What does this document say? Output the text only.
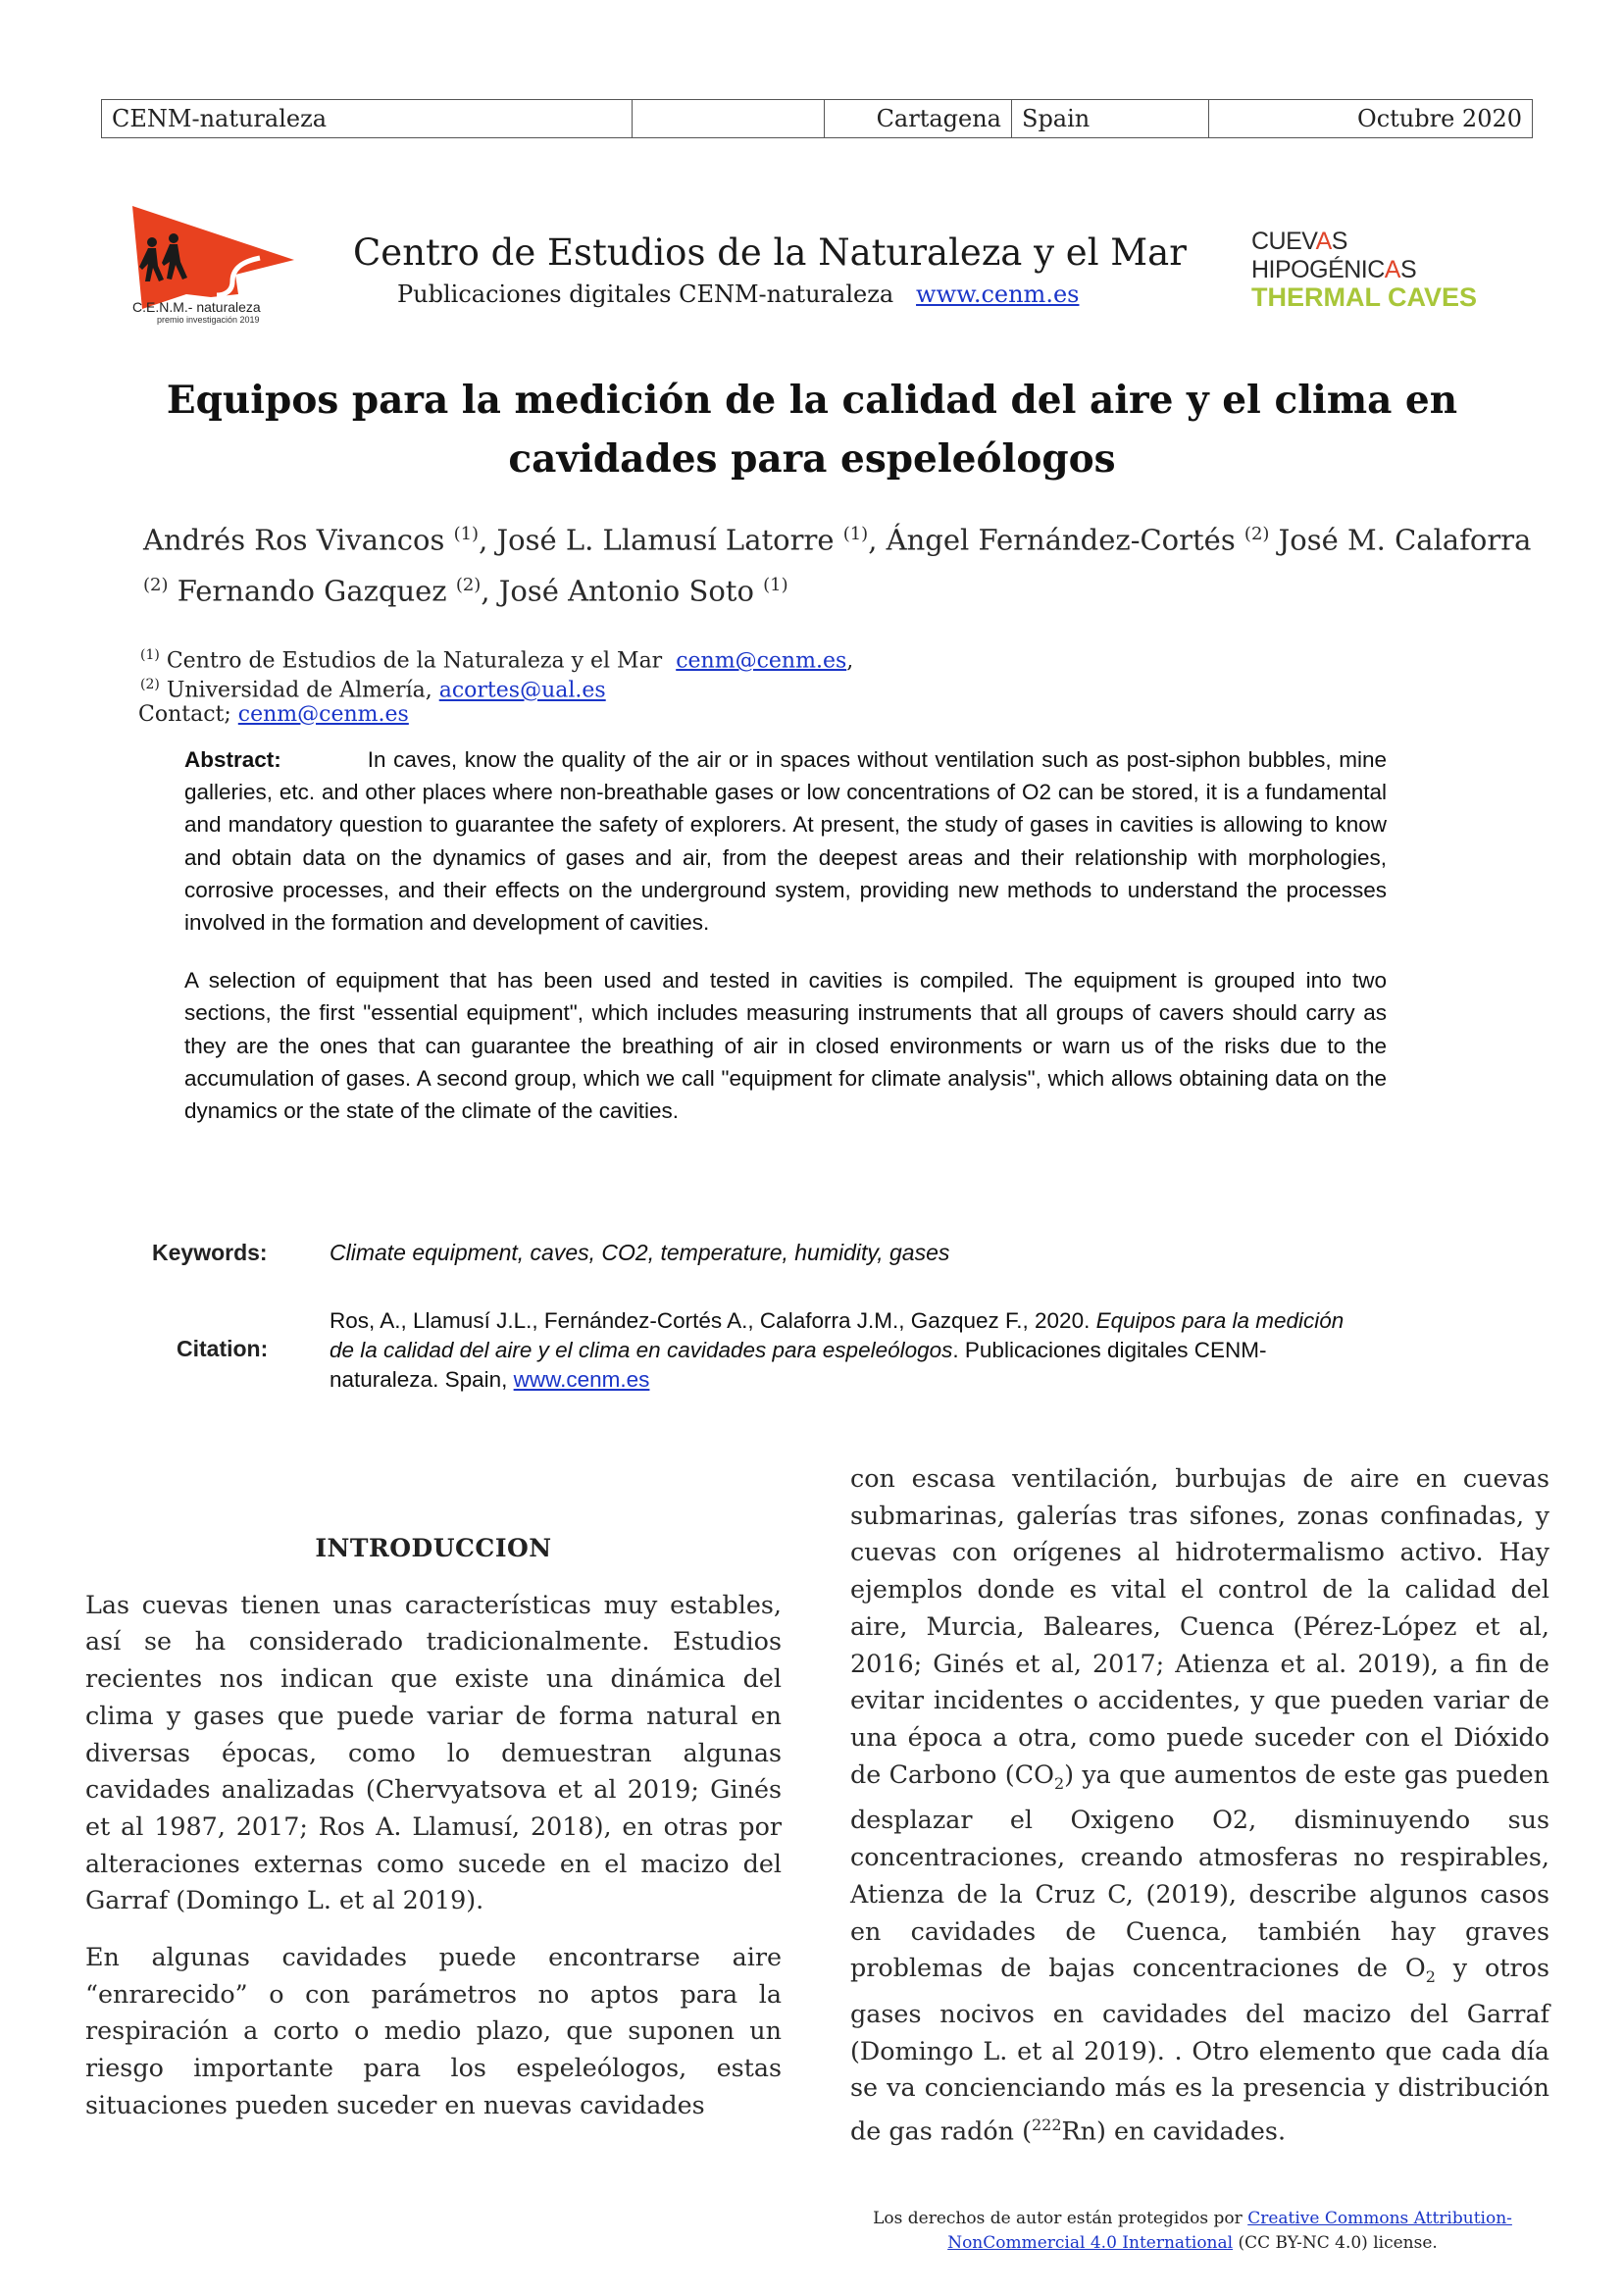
CENM-naturaleza		Cartagena	Spain	Octubre 2020
C.E.N.M.- naturaleza
premio investigación 2019
Centro de Estudios de la Naturaleza y el Mar
Publicaciones digitales CENM-naturaleza www.cenm.es
CUEVAS HIPOGÉNICAS
THERMAL CAVES
Equipos para la medición de la calidad del aire y el clima en cavidades para espeleólogos
Andrés Ros Vivancos $^{(1)}$, José L. Llamusí Latorre $^{(1)}$, Ángel Fernández-Cortés $^{(2)}$ José M. Calaforra $^{(2)}$ Fernando Gazquez $^{(2)}$, José Antonio Soto $^{(1)}$
$^{(1)}$ Centro de Estudios de la Naturaleza y el Mar cenm@cenm.es,
$^{(2)}$ Universidad de Almería, acortes@ual.es
Contact; cenm@cenm.es

Abstract:	In caves, know the quality of the air or in spaces without ventilation such as post-siphon bubbles, mine galleries, etc. and other places where non-breathable gases or low concentrations of O2 can be stored, it is a fundamental and mandatory question to guarantee the safety of explorers. At present, the study of gases in cavities is allowing to know and obtain data on the dynamics of gases and air, from the deepest areas and their relationship with morphologies, corrosive processes, and their effects on the underground system, providing new methods to understand the processes involved in the formation and development of cavities.

A selection of equipment that has been used and tested in cavities is compiled. The equipment is grouped into two sections, the first "essential equipment", which includes measuring instruments that all groups of cavers should carry as they are the ones that can guarantee the breathing of air in closed environments or warn us of the risks due to the accumulation of gases. A second group, which we call "equipment for climate analysis", which allows obtaining data on the dynamics or the state of the climate of the cavities.

Keywords:	Climate equipment, caves, CO2, temperature, humidity, gases
Citation:
Ros, A., Llamusí J.L., Fernández-Cortés A., Calaforra J.M., Gazquez F., 2020. Equipos para la medición de la calidad del aire y el clima en cavidades para espeleólogos. Publicaciones digitales CENM-naturaleza. Spain, www.cenm.es
INTRODUCCION

Las cuevas tienen unas características muy estables, así se ha considerado tradicionalmente. Estudios recientes nos indican que existe una dinámica del clima y gases que puede variar de forma natural en diversas épocas, como lo demuestran algunas cavidades analizadas (Chervyatsova et al 2019; Ginés et al 1987, 2017; Ros A. Llamusí, 2018), en otras por alteraciones externas como sucede en el macizo del Garraf (Domingo L. et al 2019).

En algunas cavidades puede encontrarse aire “enrarecido” o con parámetros no aptos para la respiración a corto o medio plazo, que suponen un riesgo importante para los espeleólogos, estas situaciones pueden suceder en nuevas cavidades

con escasa ventilación, burbujas de aire en cuevas submarinas, galerías tras sifones, zonas confinadas, y cuevas con orígenes al hidrotermalismo activo. Hay ejemplos donde es vital el control de la calidad del aire, Murcia, Baleares, Cuenca (Pérez-López et al, 2016; Ginés et al, 2017; Atienza et al. 2019), a fin de evitar incidentes o accidentes, y que pueden variar de una época a otra, como puede suceder con el Dióxido de Carbono $(CO_2)$ ya que aumentos de este gas pueden desplazar el Oxigeno O2, disminuyendo sus concentraciones, creando atmosferas no respirables, Atienza de la Cruz C, (2019), describe algunos casos en cavidades de Cuenca, también hay graves problemas de bajas concentraciones de $O_2$ y otros gases nocivos en cavidades del macizo del Garraf (Domingo L. et al 2019). . Otro elemento que cada día se va concienciando más es la presencia y distribución de gas radón ($^{222}$Rn) en cavidades.

Los derechos de autor están protegidos por Creative Commons Attribution-NonCommercial 4.0 International (CC BY-NC 4.0) license.
